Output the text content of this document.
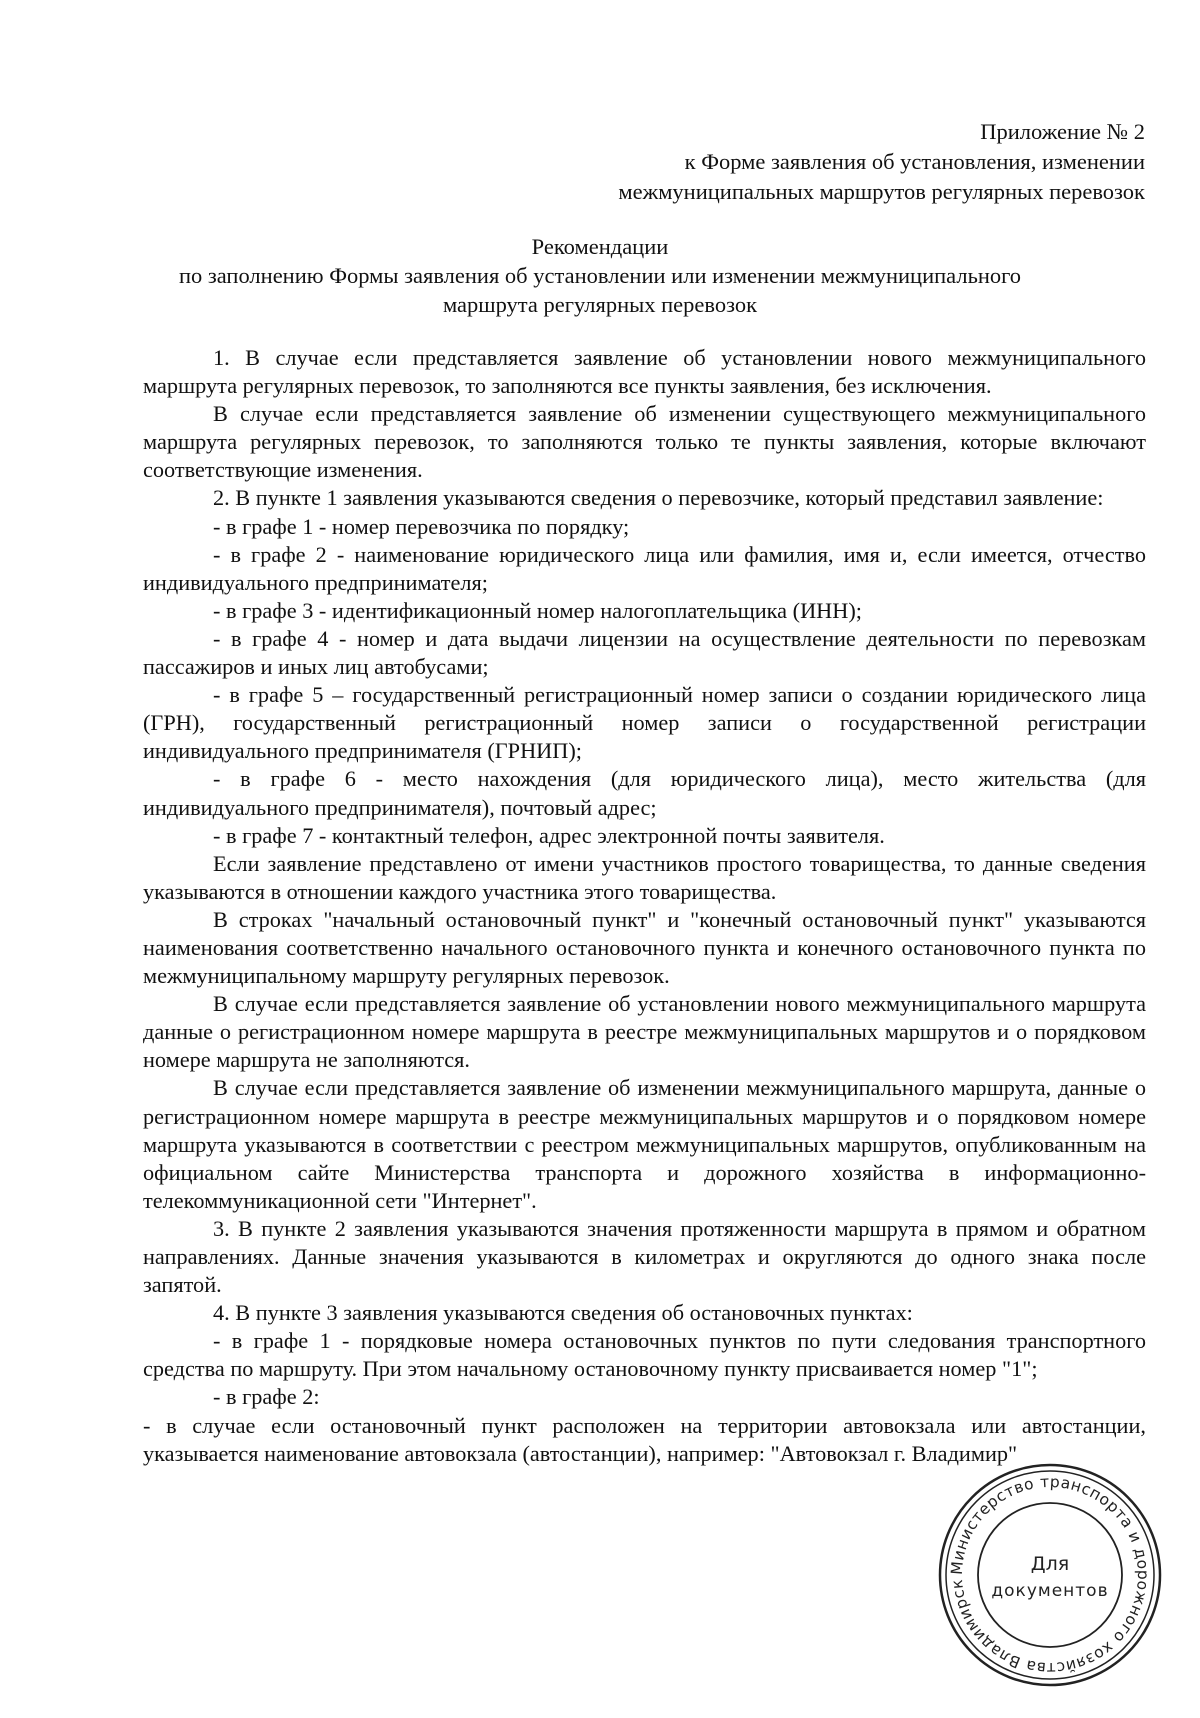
Приложение № 2
к Форме заявления об установления, изменении
межмуниципальных маршрутов регулярных перевозок
Рекомендации
по заполнению Формы заявления об установлении или изменении межмуниципального
маршрута регулярных перевозок

1. В случае если представляется заявление об установлении нового межмуниципального маршрута регулярных перевозок, то заполняются все пункты заявления, без исключения.

В случае если представляется заявление об изменении существующего межмуниципального маршрута регулярных перевозок, то заполняются только те пункты заявления, которые включают соответствующие изменения.

2. В пункте 1 заявления указываются сведения о перевозчике, который представил заявление:

- в графе 1 - номер перевозчика по порядку;

- в графе 2 - наименование юридического лица или фамилия, имя и, если имеется, отчество индивидуального предпринимателя;

- в графе 3 - идентификационный номер налогоплательщика (ИНН);

- в графе 4 - номер и дата выдачи лицензии на осуществление деятельности по перевозкам пассажиров и иных лиц автобусами;

- в графе 5 – государственный регистрационный номер записи о создании юридического лица (ГРН), государственный регистрационный номер записи о государственной регистрации индивидуального предпринимателя (ГРНИП);

- в графе 6 - место нахождения (для юридического лица), место жительства (для индивидуального предпринимателя), почтовый адрес;

- в графе 7 - контактный телефон, адрес электронной почты заявителя.

Если заявление представлено от имени участников простого товарищества, то данные сведения указываются в отношении каждого участника этого товарищества.

В строках "начальный остановочный пункт" и "конечный остановочный пункт" указываются наименования соответственно начального остановочного пункта и конечного остановочного пункта по межмуниципальному маршруту регулярных перевозок.

В случае если представляется заявление об установлении нового межмуниципального маршрута данные о регистрационном номере маршрута в реестре межмуниципальных маршрутов и о порядковом номере маршрута не заполняются.

В случае если представляется заявление об изменении межмуниципального маршрута, данные о регистрационном номере маршрута в реестре межмуниципальных маршрутов и о порядковом номере маршрута указываются в соответствии с реестром межмуниципальных маршрутов, опубликованным на официальном сайте Министерства транспорта и дорожного хозяйства в информационно-телекоммуникационной сети "Интернет".

3. В пункте 2 заявления указываются значения протяженности маршрута в прямом и обратном направлениях. Данные значения указываются в километрах и округляются до одного знака после запятой.

4. В пункте 3 заявления указываются сведения об остановочных пунктах:

- в графе 1 - порядковые номера остановочных пунктов по пути следования транспортного средства по маршруту. При этом начальному остановочному пункту присваивается номер "1";

- в графе 2:

- в случае если остановочный пункт расположен на территории автовокзала или автостанции, указывается наименование автовокзала (автостанции), например: "Автовокзал г. Владимир"

Министерство транспорта и дорожного хозяйства Владимирск
Для
документов
